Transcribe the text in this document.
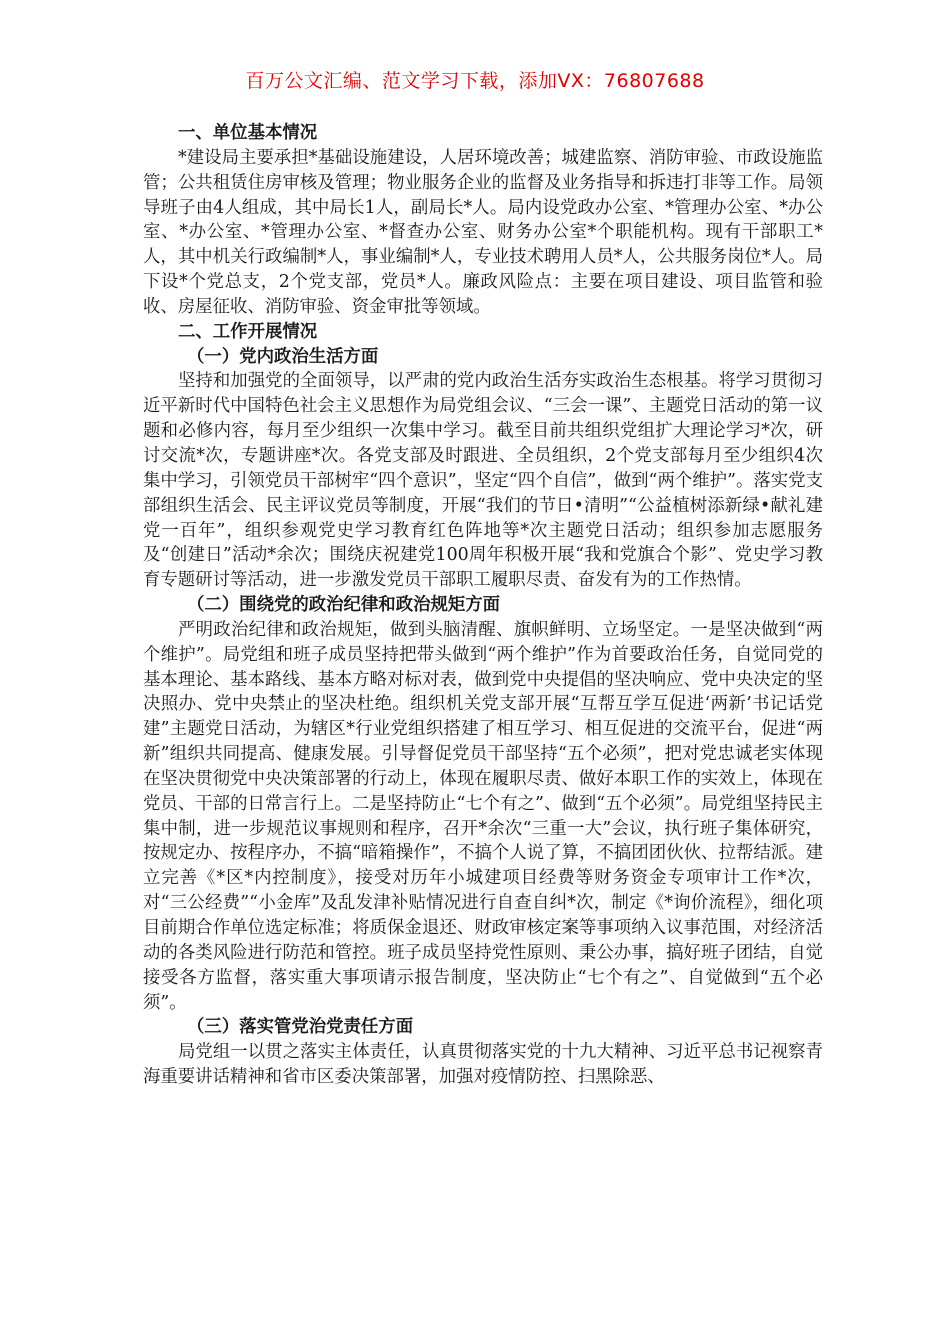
百万公文汇编、范文学习下载，添加VX：76807688

一、单位基本情况

*建设局主要承担*基础设施建设，人居环境改善；城建监察、消防审验、市政设施监管；公共租赁住房审核及管理；物业服务企业的监督及业务指导和拆违打非等工作。局领导班子由4人组成，其中局长1人，副局长*人。局内设党政办公室、*管理办公室、*办公室、*办公室、*管理办公室、*督查办公室、财务办公室*个职能机构。现有干部职工*人，其中机关行政编制*人，事业编制*人，专业技术聘用人员*人，公共服务岗位*人。局下设*个党总支，2个党支部，党员*人。廉政风险点：主要在项目建设、项目监管和验收、房屋征收、消防审验、资金审批等领域。

二、工作开展情况

（一）党内政治生活方面

坚持和加强党的全面领导，以严肃的党内政治生活夯实政治生态根基。将学习贯彻习近平新时代中国特色社会主义思想作为局党组会议、“三会一课”、主题党日活动的第一议题和必修内容，每月至少组织一次集中学习。截至目前共组织党组扩大理论学习*次，研讨交流*次，专题讲座*次。各党支部及时跟进、全员组织，2个党支部每月至少组织4次集中学习，引领党员干部树牢“四个意识”，坚定“四个自信”，做到“两个维护”。落实党支部组织生活会、民主评议党员等制度，开展“我们的节日•清明”“公益植树添新绿•献礼建党一百年”，组织参观党史学习教育红色阵地等*次主题党日活动；组织参加志愿服务及“创建日”活动*余次；围绕庆祝建党100周年积极开展“我和党旗合个影”、党史学习教育专题研讨等活动，进一步激发党员干部职工履职尽责、奋发有为的工作热情。

（二）围绕党的政治纪律和政治规矩方面

严明政治纪律和政治规矩，做到头脑清醒、旗帜鲜明、立场坚定。一是坚决做到“两个维护”。局党组和班子成员坚持把带头做到“两个维护”作为首要政治任务，自觉同党的基本理论、基本路线、基本方略对标对表，做到党中央提倡的坚决响应、党中央决定的坚决照办、党中央禁止的坚决杜绝。组织机关党支部开展“互帮互学互促进‘两新’书记话党建”主题党日活动，为辖区*行业党组织搭建了相互学习、相互促进的交流平台，促进“两新”组织共同提高、健康发展。引导督促党员干部坚持“五个必须”，把对党忠诚老实体现在坚决贯彻党中央决策部署的行动上，体现在履职尽责、做好本职工作的实效上，体现在党员、干部的日常言行上。二是坚持防止“七个有之”、做到“五个必须”。局党组坚持民主集中制，进一步规范议事规则和程序，召开*余次“三重一大”会议，执行班子集体研究，按规定办、按程序办，不搞“暗箱操作”，不搞个人说了算，不搞团团伙伙、拉帮结派。建立完善《*区*内控制度》，接受对历年小城建项目经费等财务资金专项审计工作*次，对“三公经费”“小金库”及乱发津补贴情况进行自查自纠*次，制定《*询价流程》，细化项目前期合作单位选定标准；将质保金退还、财政审核定案等事项纳入议事范围，对经济活动的各类风险进行防范和管控。班子成员坚持党性原则、秉公办事，搞好班子团结，自觉接受各方监督，落实重大事项请示报告制度，坚决防止“七个有之”、自觉做到“五个必须”。

（三）落实管党治党责任方面

局党组一以贯之落实主体责任，认真贯彻落实党的十九大精神、习近平总书记视察青海重要讲话精神和省市区委决策部署，加强对疫情防控、扫黑除恶、
